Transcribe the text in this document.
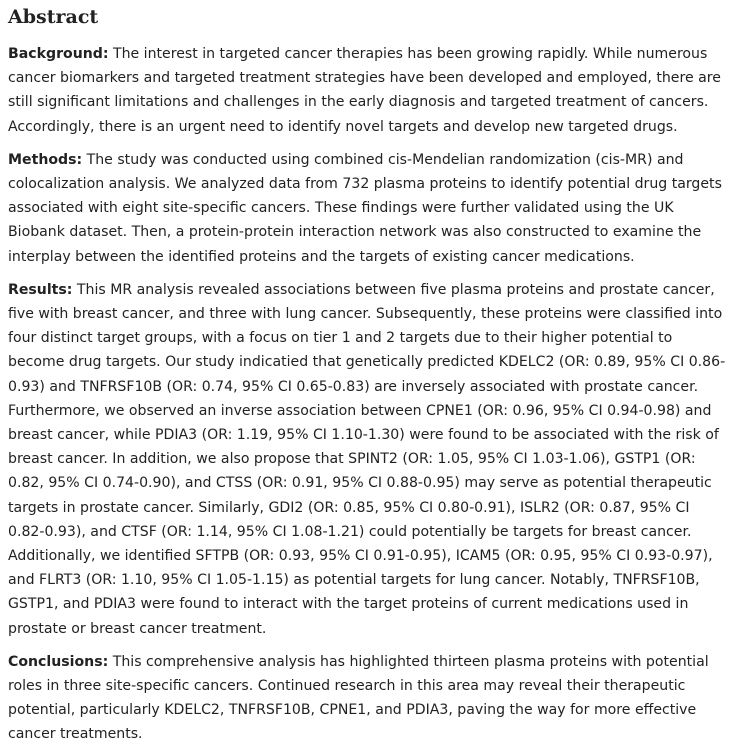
Abstract

Background: The interest in targeted cancer therapies has been growing rapidly. While numerous cancer biomarkers and targeted treatment strategies have been developed and employed, there are still significant limitations and challenges in the early diagnosis and targeted treatment of cancers. Accordingly, there is an urgent need to identify novel targets and develop new targeted drugs.

Methods: The study was conducted using combined cis-Mendelian randomization (cis-MR) and colocalization analysis. We analyzed data from 732 plasma proteins to identify potential drug targets associated with eight site-specific cancers. These findings were further validated using the UK Biobank dataset. Then, a protein-protein interaction network was also constructed to examine the interplay between the identified proteins and the targets of existing cancer medications.

Results: This MR analysis revealed associations between five plasma proteins and prostate cancer, five with breast cancer, and three with lung cancer. Subsequently, these proteins were classified into four distinct target groups, with a focus on tier 1 and 2 targets due to their higher potential to become drug targets. Our study indicatied that genetically predicted KDELC2 (OR: 0.89, 95% CI 0.86-0.93) and TNFRSF10B (OR: 0.74, 95% CI 0.65-0.83) are inversely associated with prostate cancer. Furthermore, we observed an inverse association between CPNE1 (OR: 0.96, 95% CI 0.94-0.98) and breast cancer, while PDIA3 (OR: 1.19, 95% CI 1.10-1.30) were found to be associated with the risk of breast cancer. In addition, we also propose that SPINT2 (OR: 1.05, 95% CI 1.03-1.06), GSTP1 (OR: 0.82, 95% CI 0.74-0.90), and CTSS (OR: 0.91, 95% CI 0.88-0.95) may serve as potential therapeutic targets in prostate cancer. Similarly, GDI2 (OR: 0.85, 95% CI 0.80-0.91), ISLR2 (OR: 0.87, 95% CI 0.82-0.93), and CTSF (OR: 1.14, 95% CI 1.08-1.21) could potentially be targets for breast cancer. Additionally, we identified SFTPB (OR: 0.93, 95% CI 0.91-0.95), ICAM5 (OR: 0.95, 95% CI 0.93-0.97), and FLRT3 (OR: 1.10, 95% CI 1.05-1.15) as potential targets for lung cancer. Notably, TNFRSF10B, GSTP1, and PDIA3 were found to interact with the target proteins of current medications used in prostate or breast cancer treatment.

Conclusions: This comprehensive analysis has highlighted thirteen plasma proteins with potential roles in three site-specific cancers. Continued research in this area may reveal their therapeutic potential, particularly KDELC2, TNFRSF10B, CPNE1, and PDIA3, paving the way for more effective cancer treatments.
